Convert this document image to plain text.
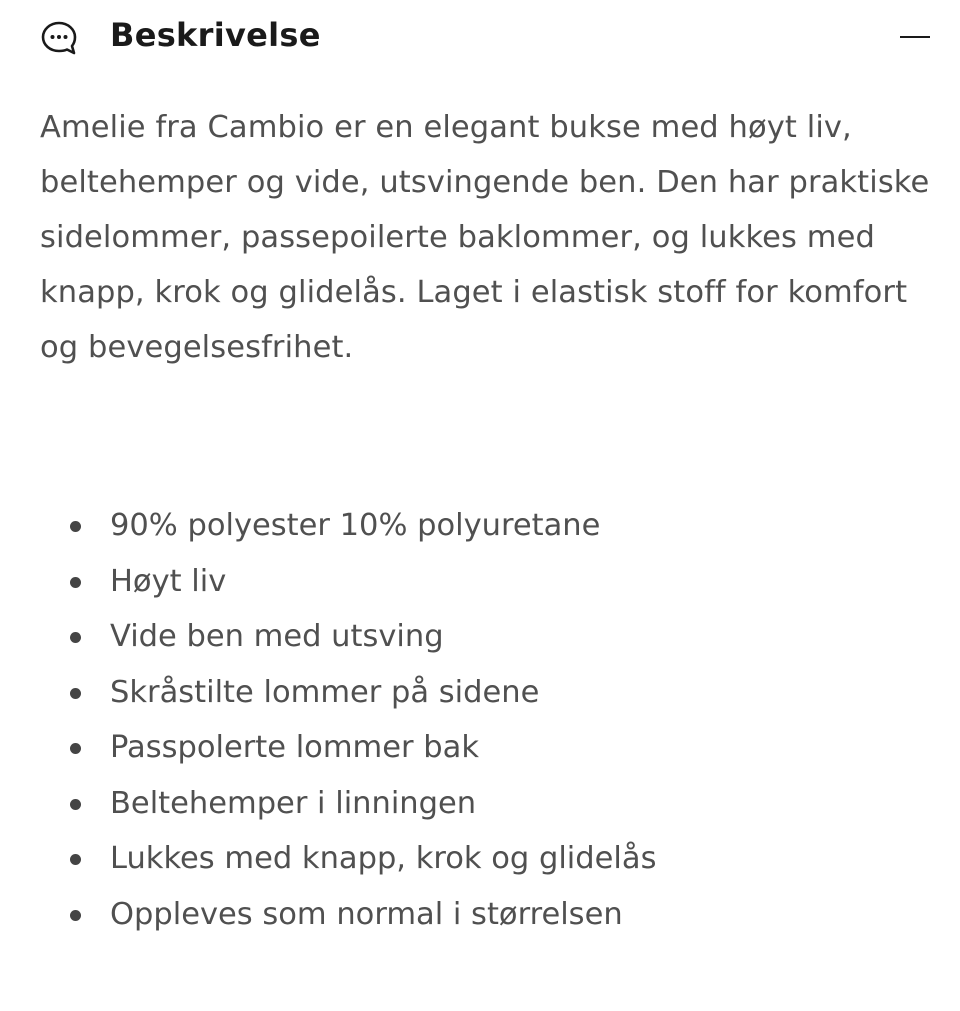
Beskrivelse

Amelie fra Cambio er en elegant bukse med høyt liv, beltehemper og vide, utsvingende ben. Den har praktiske sidelommer, passepoilerte baklommer, og lukkes med knapp, krok og glidelås. Laget i elastisk stoff for komfort og bevegelsesfrihet.

90% polyester 10% polyuretane
Høyt liv
Vide ben med utsving
Skråstilte lommer på sidene
Passpolerte lommer bak
Beltehemper i linningen
Lukkes med knapp, krok og glidelås
Oppleves som normal i størrelsen
